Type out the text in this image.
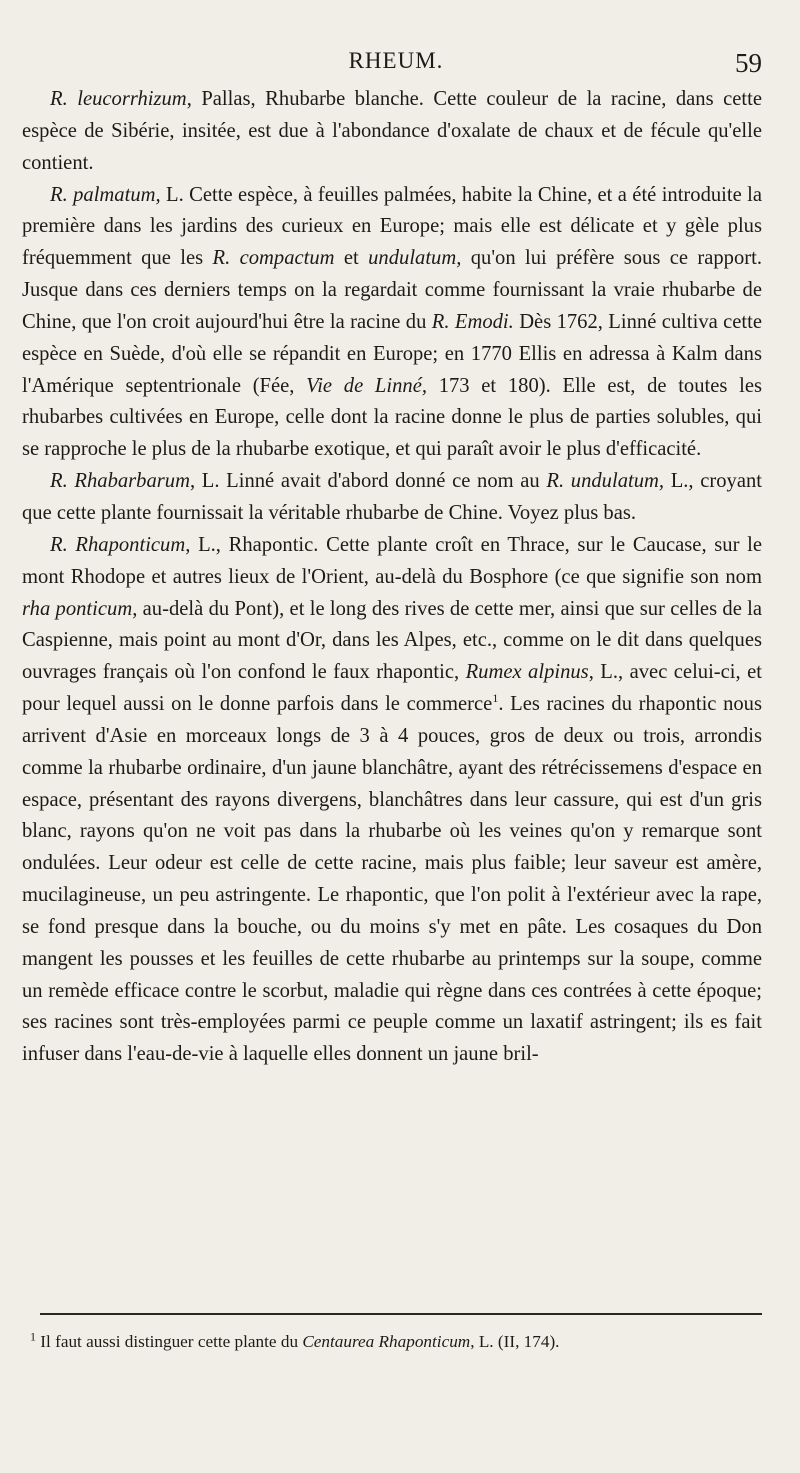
RHEUM.	59

R. leucorrhizum, Pallas, Rhubarbe blanche. Cette couleur de la racine, dans cette espèce de Sibérie, insitée, est due à l'abondance d'oxalate de chaux et de fécule qu'elle contient.

R. palmatum, L. Cette espèce, à feuilles palmées, habite la Chine, et a été introduite la première dans les jardins des curieux en Europe; mais elle est délicate et y gèle plus fréquemment que les R. compactum et undulatum, qu'on lui préfère sous ce rapport. Jusque dans ces derniers temps on la regardait comme fournissant la vraie rhubarbe de Chine, que l'on croit aujourd'hui être la racine du R. Emodi. Dès 1762, Linné cultiva cette espèce en Suède, d'où elle se répandit en Europe; en 1770 Ellis en adressa à Kalm dans l'Amérique septentrionale (Fée, Vie de Linné, 173 et 180). Elle est, de toutes les rhubarbes cultivées en Europe, celle dont la racine donne le plus de parties solubles, qui se rapproche le plus de la rhubarbe exotique, et qui paraît avoir le plus d'efficacité.

R. Rhabarbarum, L. Linné avait d'abord donné ce nom au R. undulatum, L., croyant que cette plante fournissait la véritable rhubarbe de Chine. Voyez plus bas.

R. Rhaponticum, L., Rhapontic. Cette plante croît en Thrace, sur le Caucase, sur le mont Rhodope et autres lieux de l'Orient, au-delà du Bosphore (ce que signifie son nom rha ponticum, au-delà du Pont), et le long des rives de cette mer, ainsi que sur celles de la Caspienne, mais point au mont d'Or, dans les Alpes, etc., comme on le dit dans quelques ouvrages français où l'on confond le faux rhapontic, Rumex alpinus, L., avec celui-ci, et pour lequel aussi on le donne parfois dans le commerce$^1$. Les racines du rhapontic nous arrivent d'Asie en morceaux longs de 3 à 4 pouces, gros de deux ou trois, arrondis comme la rhubarbe ordinaire, d'un jaune blanchâtre, ayant des rétrécissemens d'espace en espace, présentant des rayons divergens, blanchâtres dans leur cassure, qui est d'un gris blanc, rayons qu'on ne voit pas dans la rhubarbe où les veines qu'on y remarque sont ondulées. Leur odeur est celle de cette racine, mais plus faible; leur saveur est amère, mucilagineuse, un peu astringente. Le rhapontic, que l'on polit à l'extérieur avec la rape, se fond presque dans la bouche, ou du moins s'y met en pâte. Les cosaques du Don mangent les pousses et les feuilles de cette rhubarbe au printemps sur la soupe, comme un remède efficace contre le scorbut, maladie qui règne dans ces contrées à cette époque; ses racines sont très-employées parmi ce peuple comme un laxatif astringent; ils es fait infuser dans l'eau-de-vie à laquelle elles donnent un jaune bril-

$^1$ Il faut aussi distinguer cette plante du Centaurea Rhaponticum, L. (II, 174).
